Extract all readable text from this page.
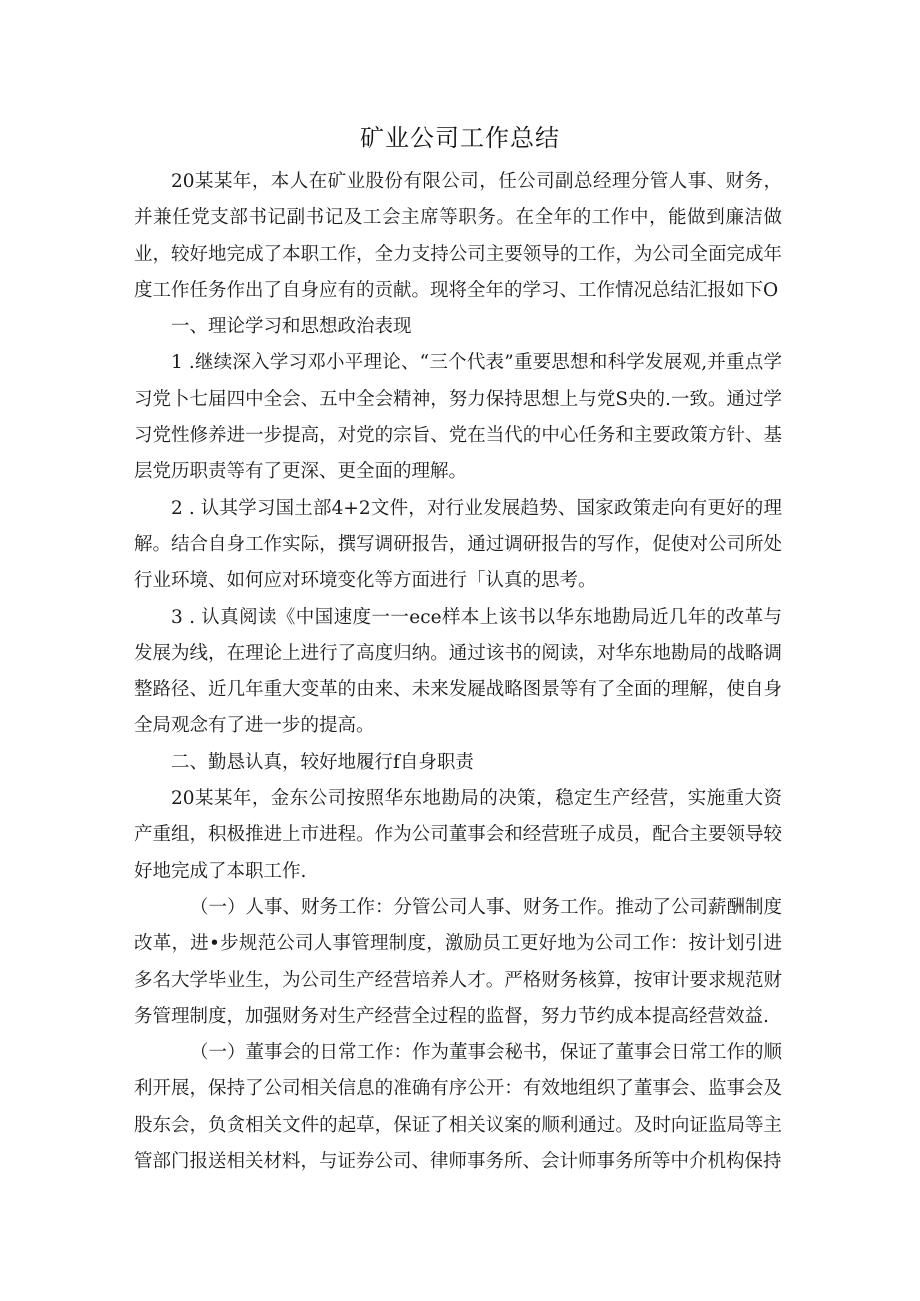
矿业公司工作总结

20某某年，本人在矿业股份有限公司，任公司副总经理分管人事、财务，并兼任党支部书记副书记及工会主席等职务。在全年的工作中，能做到廉洁做业，较好地完成了本职工作，全力支持公司主要领导的工作，为公司全面完成年度工作任务作出了自身应有的贡献。现将全年的学习、工作情况总结汇报如下O

一、理论学习和思想政治表现

1 .继续深入学习邓小平理论、“三个代表”重要思想和科学发展观,并重点学习党卜七届四中全会、五中全会精神，努力保持思想上与党S央的.一致。通过学习党性修养进一步提高，对党的宗旨、党在当代的中心任务和主要政策方针、基层党历职责等有了更深、更全面的理解。

2 . 认其学习国土部4+2文件，对行业发展趋势、国家政策走向有更好的理解。结合自身工作实际，撰写调研报告，通过调研报告的写作，促使对公司所处行业环境、如何应对环境变化等方面进行「认真的思考。

3 . 认真阅读《中国速度一一ece样本上该书以华东地勘局近几年的改革与发展为线，在理论上进行了高度归纳。通过该书的阅读，对华东地勘局的战略调整路径、近几年重大变革的由来、未来发屣战略图景等有了全面的理解，使自身全局观念有了进一步的提高。

二、勤恳认真，较好地履行f自身职责

20某某年，金东公司按照华东地勘局的决策，稳定生产经营，实施重大资产重组，积极推进上市进程。作为公司董事会和经营班子成员，配合主要领导较好地完成了本职工作.

（一）人事、财务工作：分管公司人事、财务工作。推动了公司薪酬制度改革，进•步规范公司人事管理制度，激励员工更好地为公司工作：按计划引进多名大学毕业生，为公司生产经营培养人才。严格财务核算，按审计要求规范财务管理制度，加强财务对生产经营全过程的监督，努力节约成本提高经营效益.

（一）董事会的日常工作：作为董事会秘书，保证了董事会日常工作的顺利开展，保持了公司相关信息的准确有序公开：有效地组织了董事会、监事会及股东会，负贪相关文件的起草，保证了相关议案的顺利通过。及时向证监局等主管部门报送相关材料，与证券公司、律师事务所、会计师事务所等中介机构保持
